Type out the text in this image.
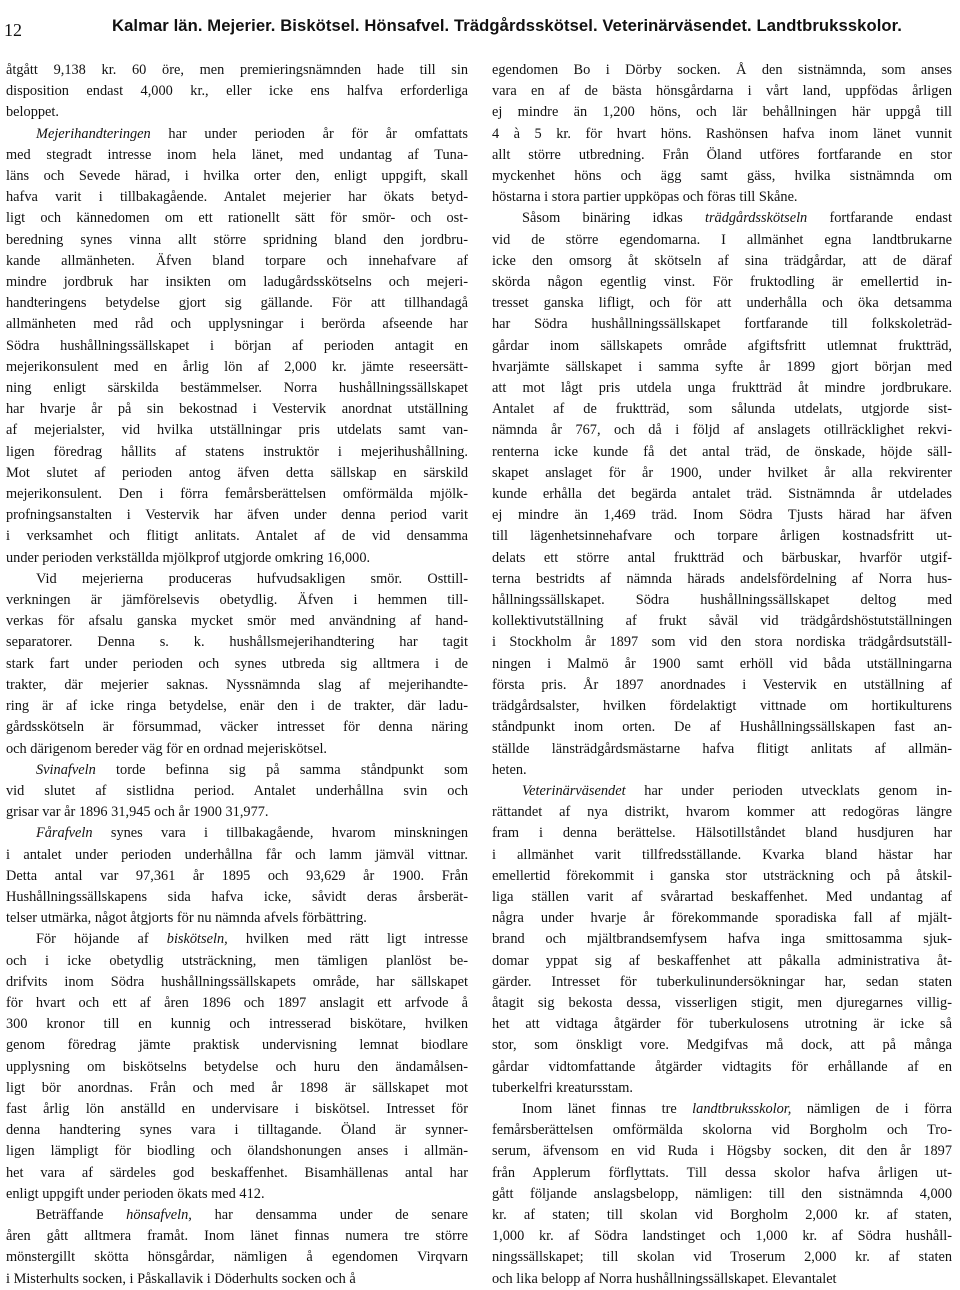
12	Kalmar län. Mejerier. Biskötsel. Hönsafvel. Trädgårdsskötsel. Veterinärväsendet. Landtbruksskolor.
åtgått 9,138 kr. 60 öre, men premieringsnämnden hade till sin
disposition endast 4,000 kr., eller icke ens halfva erforderliga
beloppet.
Mejerihandteringen har under perioden år för år omfattats
med stegradt intresse inom hela länet, med undantag af Tuna-
läns och Sevede härad, i hvilka orter den, enligt uppgift, skall
hafva varit i tillbakagående. Antalet mejerier har ökats betyd-
ligt och kännedomen om ett rationellt sätt för smör- och ost-
beredning synes vinna allt större spridning bland den jordbru-
kande allmänheten. Äfven bland torpare och innehafvare af
mindre jordbruk har insikten om ladugårdsskötselns och mejeri-
handteringens betydelse gjort sig gällande. För att tillhandagå
allmänheten med råd och upplysningar i berörda afseende har
Södra hushållningssällskapet i början af perioden antagit en
mejerikonsulent med en årlig lön af 2,000 kr. jämte reseersätt-
ning enligt särskilda bestämmelser. Norra hushållningssällskapet
har hvarje år på sin bekostnad i Vestervik anordnat utställning
af mejerialster, vid hvilka utställningar pris utdelats samt van-
ligen föredrag hållits af statens instruktör i mejerihushållning.
Mot slutet af perioden antog äfven detta sällskap en särskild
mejerikonsulent. Den i förra femårsberättelsen omförmälda mjölk-
profningsanstalten i Vestervik har äfven under denna period varit
i verksamhet och flitigt anlitats. Antalet af de vid densamma
under perioden verkställda mjölkprof utgjorde omkring 16,000.
Vid mejerierna produceras hufvudsakligen smör. Osttill-
verkningen är jämförelsevis obetydlig. Äfven i hemmen till-
verkas för afsalu ganska mycket smör med användning af hand-
separatorer. Denna s. k. hushållsmejerihandtering har tagit
stark fart under perioden och synes utbreda sig alltmera i de
trakter, där mejerier saknas. Nyssnämnda slag af mejerihandte-
ring är af icke ringa betydelse, enär den i de trakter, där ladu-
gårdsskötseln är försummad, väcker intresset för denna näring
och därigenom bereder väg för en ordnad mejeriskötsel.
Svinafveln torde befinna sig på samma ståndpunkt som
vid slutet af sistlidna period. Antalet underhållna svin och
grisar var år 1896 31,945 och år 1900 31,977.
Fårafveln synes vara i tillbakagående, hvarom minskningen
i antalet under perioden underhållna får och lamm jämväl vittnar.
Detta antal var 97,361 år 1895 och 93,629 år 1900. Från
Hushållningssällskapens sida hafva icke, såvidt deras årsberät-
telser utmärka, något åtgjorts för nu nämnda afvels förbättring.
För höjande af biskötseln, hvilken med rätt ligt intresse
och i icke obetydlig utsträckning, men tämligen planlöst be-
drifvits inom Södra hushållningssällskapets område, har sällskapet
för hvart och ett af åren 1896 och 1897 anslagit ett arfvode å
300 kronor till en kunnig och intresserad biskötare, hvilken
genom föredrag jämte praktisk undervisning lemnat biodlare
upplysning om biskötselns betydelse och huru den ändamålsen-
ligt bör anordnas. Från och med år 1898 är sällskapet mot
fast årlig lön anställd en undervisare i biskötsel. Intresset för
denna handtering synes vara i tilltagande. Öland är synner-
ligen lämpligt för biodling och ölandshonungen anses i allmän-
het vara af särdeles god beskaffenhet. Bisamhällenas antal har
enligt uppgift under perioden ökats med 412.
Beträffande hönsafveln, har densamma under de senare
åren gått alltmera framåt. Inom länet finnas numera tre större
mönstergillt skötta hönsgårdar, nämligen å egendomen Virqvarn
i Misterhults socken, i Påskallavik i Döderhults socken och å
egendomen Bo i Dörby socken. Å den sistnämnda, som anses
vara en af de bästa hönsgårdarna i vårt land, uppfödas årligen
ej mindre än 1,200 höns, och lär behållningen här uppgå till
4 à 5 kr. för hvart höns. Rashönsen hafva inom länet vunnit
allt större utbredning. Från Öland utföres fortfarande en stor
myckenhet höns och ägg samt gäss, hvilka sistnämnda om
höstarna i stora partier uppköpas och föras till Skåne.
Såsom binäring idkas trädgårdsskötseln fortfarande endast
vid de större egendomarna. I allmänhet egna landtbrukarne
icke den omsorg åt skötseln af sina trädgårdar, att de däraf
skörda någon egentlig vinst. För fruktodling är emellertid in-
tresset ganska lifligt, och för att underhålla och öka detsamma
har Södra hushållningssällskapet fortfarande till folkskoleträd-
gårdar inom sällskapets område afgiftsfritt utlemnat fruktträd,
hvarjämte sällskapet i samma syfte år 1899 gjort början med
att mot lågt pris utdela unga fruktträd åt mindre jordbrukare.
Antalet af de fruktträd, som sålunda utdelats, utgjorde sist-
nämnda år 767, och då i följd af anslagets otillräcklighet rekvi-
renterna icke kunde få det antal träd, de önskade, höjde säll-
skapet anslaget för år 1900, under hvilket år alla rekvirenter
kunde erhålla det begärda antalet träd. Sistnämnda år utdelades
ej mindre än 1,469 träd. Inom Södra Tjusts härad har äfven
till lägenhetsinnehafvare och torpare årligen kostnadsfritt ut-
delats ett större antal fruktträd och bärbuskar, hvarför utgif-
terna bestridts af nämnda härads andelsfördelning af Norra hus-
hållningssällskapet. Södra hushållningssällskapet deltog med
kollektivutställning af frukt såväl vid trädgårdshöstutställningen
i Stockholm år 1897 som vid den stora nordiska trädgårdsutställ-
ningen i Malmö år 1900 samt erhöll vid båda utställningarna
första pris. År 1897 anordnades i Vestervik en utställning af
trädgårdsalster, hvilken fördelaktigt vittnade om hortikulturens
ståndpunkt inom orten. De af Hushållningssällskapen fast an-
ställde länsträdgårdsmästarne hafva flitigt anlitats af allmän-
heten.
Veterinärväsendet har under perioden utvecklats genom in-
rättandet af nya distrikt, hvarom kommer att redogöras längre
fram i denna berättelse. Hälsotillståndet bland husdjuren har
i allmänhet varit tillfredsställande. Kvarka bland hästar har
emellertid förekommit i ganska stor utsträckning och på åtskil-
liga ställen varit af svårartad beskaffenhet. Med undantag af
några under hvarje år förekommande sporadiska fall af mjält-
brand och mjältbrandsemfysem hafva inga smittosamma sjuk-
domar yppat sig af beskaffenhet att påkalla administrativa åt-
gärder. Intresset för tuberkulinundersökningar har, sedan staten
åtagit sig bekosta dessa, visserligen stigit, men djuregarnes villig-
het att vidtaga åtgärder för tuberkulosens utrotning är icke så
stor, som önskligt vore. Medgifvas må dock, att på många
gårdar vidtomfattande åtgärder vidtagits för erhållande af en
tuberkelfri kreatursstam.
Inom länet finnas tre landtbruksskolor, nämligen de i förra
femårsberättelsen omförmälda skolorna vid Borgholm och Tro-
serum, äfvensom en vid Ruda i Högsby socken, dit den år 1897
från Applerum förflyttats. Till dessa skolor hafva årligen ut-
gått följande anslagsbelopp, nämligen: till den sistnämnda 4,000
kr. af staten; till skolan vid Borgholm 2,000 kr. af staten,
1,000 kr. af Södra landstinget och 1,000 kr. af Södra hushåll-
ningssällskapet; till skolan vid Troserum 2,000 kr. af staten
och lika belopp af Norra hushållningssällskapet. Elevantalet
